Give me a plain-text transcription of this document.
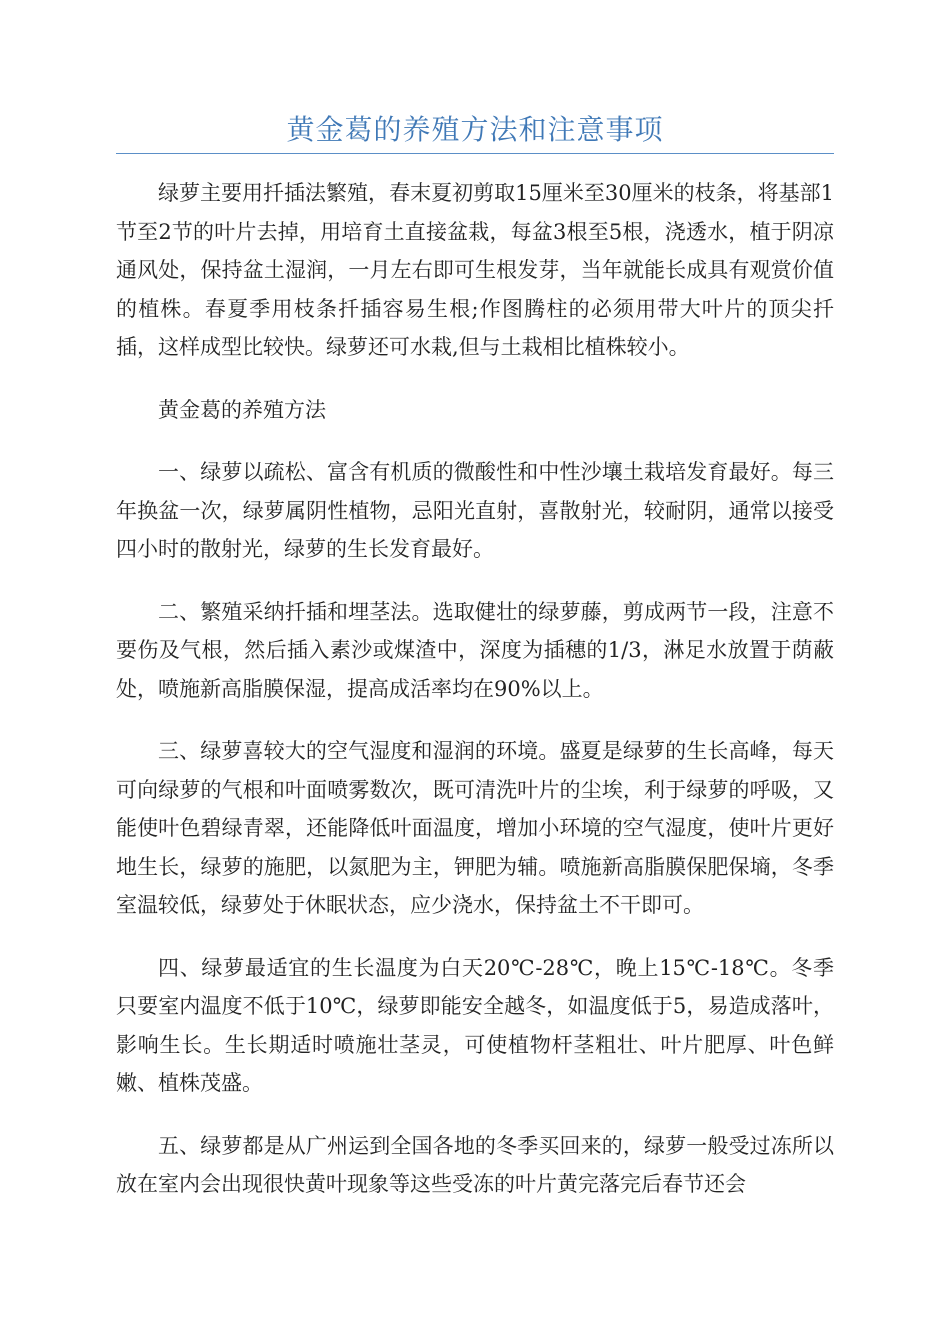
黄金葛的养殖方法和注意事项

绿萝主要用扦插法繁殖，春末夏初剪取15厘米至30厘米的枝条，将基部1节至2节的叶片去掉，用培育土直接盆栽，每盆3根至5根，浇透水，植于阴凉通风处，保持盆土湿润，一月左右即可生根发芽，当年就能长成具有观赏价值的植株。春夏季用枝条扦插容易生根;作图腾柱的必须用带大叶片的顶尖扦插，这样成型比较快。绿萝还可水栽,但与土栽相比植株较小。

黄金葛的养殖方法

一、绿萝以疏松、富含有机质的微酸性和中性沙壤土栽培发育最好。每三年换盆一次，绿萝属阴性植物，忌阳光直射，喜散射光，较耐阴，通常以接受四小时的散射光，绿萝的生长发育最好。

二、繁殖采纳扦插和埋茎法。选取健壮的绿萝藤，剪成两节一段，注意不要伤及气根，然后插入素沙或煤渣中，深度为插穗的1/3，淋足水放置于荫蔽处，喷施新高脂膜保湿，提高成活率均在90%以上。

三、绿萝喜较大的空气湿度和湿润的环境。盛夏是绿萝的生长高峰，每天可向绿萝的气根和叶面喷雾数次，既可清洗叶片的尘埃，利于绿萝的呼吸，又能使叶色碧绿青翠，还能降低叶面温度，增加小环境的空气湿度，使叶片更好地生长，绿萝的施肥，以氮肥为主，钾肥为辅。喷施新高脂膜保肥保墒，冬季室温较低，绿萝处于休眠状态，应少浇水，保持盆土不干即可。

四、绿萝最适宜的生长温度为白天20℃-28℃，晚上15℃-18℃。冬季只要室内温度不低于10℃，绿萝即能安全越冬，如温度低于5，易造成落叶，影响生长。生长期适时喷施壮茎灵，可使植物杆茎粗壮、叶片肥厚、叶色鲜嫩、植株茂盛。

五、绿萝都是从广州运到全国各地的冬季买回来的，绿萝一般受过冻所以放在室内会出现很快黄叶现象等这些受冻的叶片黄完落完后春节还会
